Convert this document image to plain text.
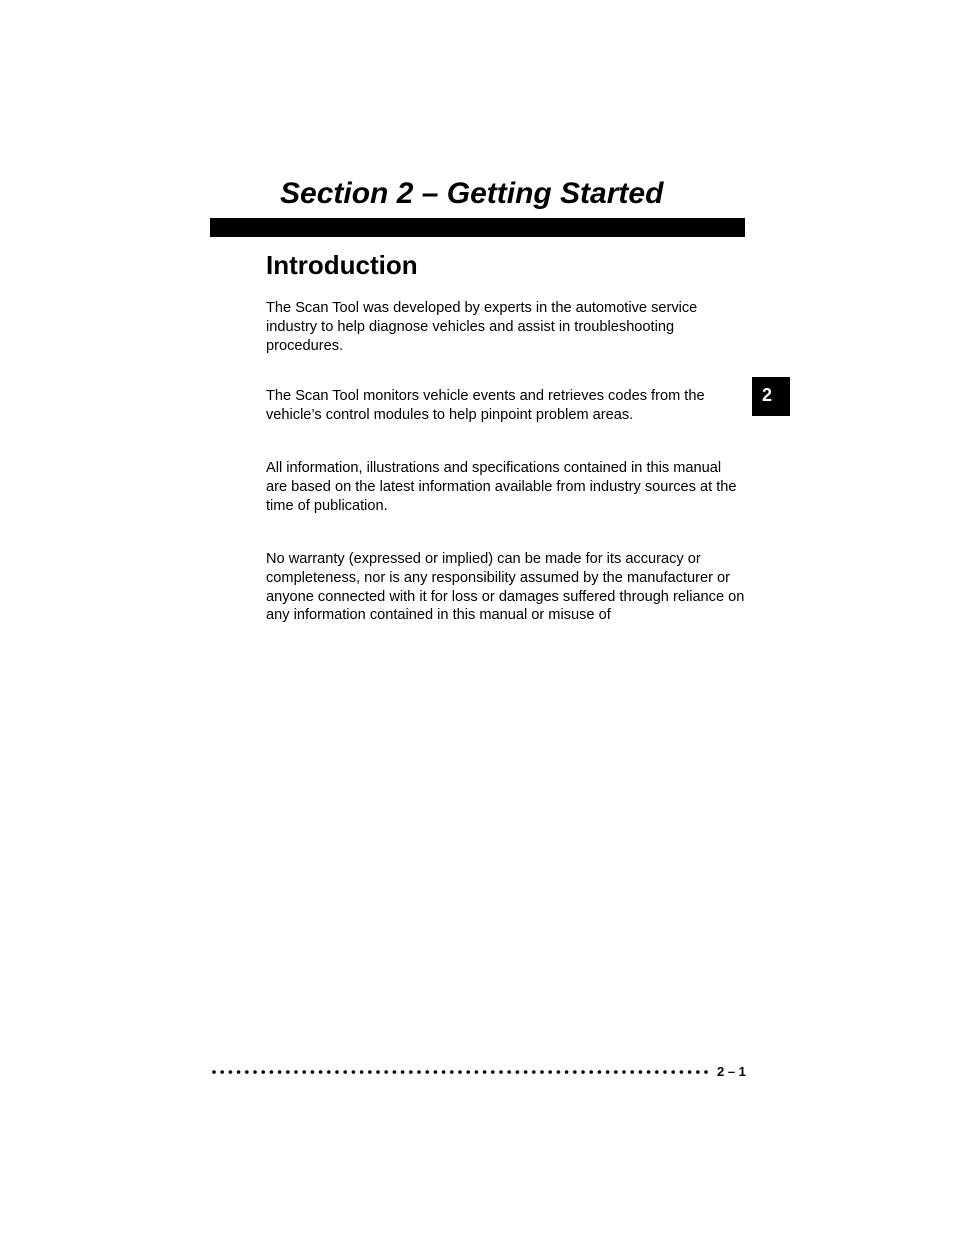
Section 2 – Getting Started
Introduction

The Scan Tool was developed by experts in the automotive service industry to help diagnose vehicles and assist in troubleshooting procedures.

The Scan Tool monitors vehicle events and retrieves codes from the vehicle’s control modules to help pinpoint problem areas.

All information, illustrations and specifications contained in this manual are based on the latest information available from industry sources at the time of publication.

No warranty (expressed or implied) can be made for its accuracy or completeness, nor is any responsibility assumed by the manufacturer or anyone connected with it for loss or damages suffered through reliance on any information contained in this manual or misuse of

2
2 – 1
